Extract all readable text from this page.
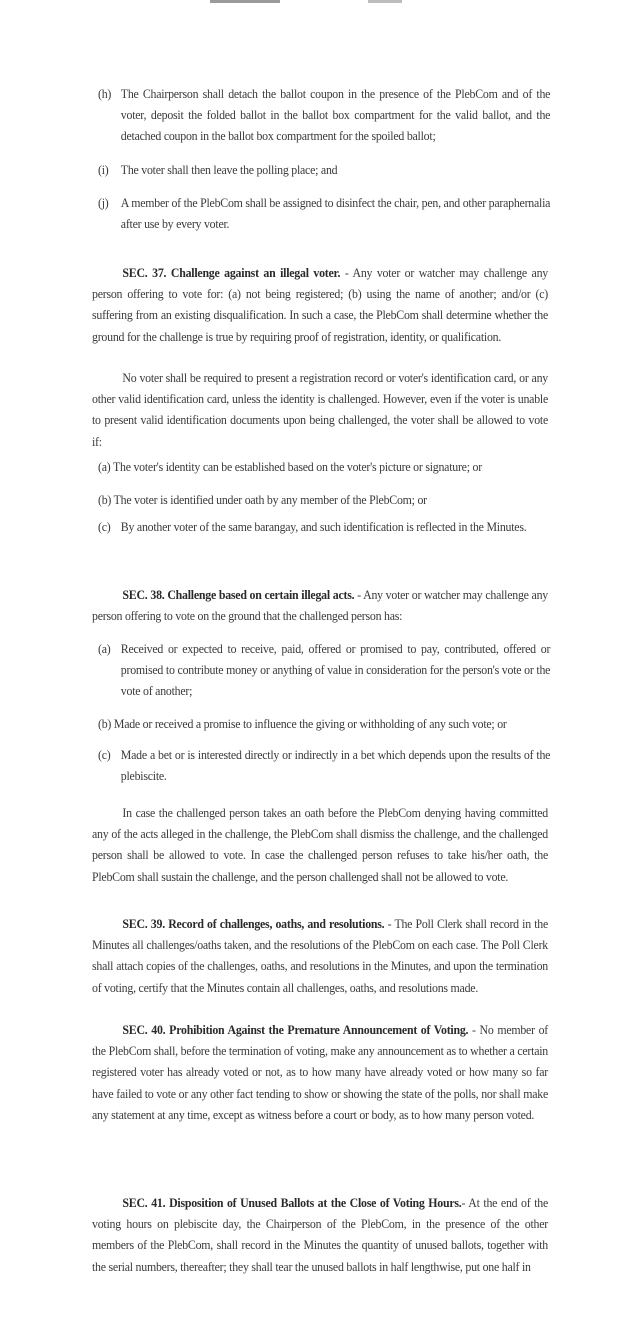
(h) The Chairperson shall detach the ballot coupon in the presence of the PlebCom and of the voter, deposit the folded ballot in the ballot box compartment for the valid ballot, and the detached coupon in the ballot box compartment for the spoiled ballot;
(i) The voter shall then leave the polling place; and
(j) A member of the PlebCom shall be assigned to disinfect the chair, pen, and other paraphernalia after use by every voter.
SEC. 37. Challenge against an illegal voter. - Any voter or watcher may challenge any person offering to vote for: (a) not being registered; (b) using the name of another; and/or (c) suffering from an existing disqualification. In such a case, the PlebCom shall determine whether the ground for the challenge is true by requiring proof of registration, identity, or qualification.
No voter shall be required to present a registration record or voter's identification card, or any other valid identification card, unless the identity is challenged. However, even if the voter is unable to present valid identification documents upon being challenged, the voter shall be allowed to vote if:
(a) The voter's identity can be established based on the voter's picture or signature; or
(b) The voter is identified under oath by any member of the PlebCom; or
(c) By another voter of the same barangay, and such identification is reflected in the Minutes.
SEC. 38. Challenge based on certain illegal acts. - Any voter or watcher may challenge any person offering to vote on the ground that the challenged person has:
(a) Received or expected to receive, paid, offered or promised to pay, contributed, offered or promised to contribute money or anything of value in consideration for the person's vote or the vote of another;
(b) Made or received a promise to influence the giving or withholding of any such vote; or
(c) Made a bet or is interested directly or indirectly in a bet which depends upon the results of the plebiscite.
In case the challenged person takes an oath before the PlebCom denying having committed any of the acts alleged in the challenge, the PlebCom shall dismiss the challenge, and the challenged person shall be allowed to vote. In case the challenged person refuses to take his/her oath, the PlebCom shall sustain the challenge, and the person challenged shall not be allowed to vote.
SEC. 39. Record of challenges, oaths, and resolutions. - The Poll Clerk shall record in the Minutes all challenges/oaths taken, and the resolutions of the PlebCom on each case. The Poll Clerk shall attach copies of the challenges, oaths, and resolutions in the Minutes, and upon the termination of voting, certify that the Minutes contain all challenges, oaths, and resolutions made.
SEC. 40. Prohibition Against the Premature Announcement of Voting. - No member of the PlebCom shall, before the termination of voting, make any announcement as to whether a certain registered voter has already voted or not, as to how many have already voted or how many so far have failed to vote or any other fact tending to show or showing the state of the polls, nor shall make any statement at any time, except as witness before a court or body, as to how many person voted.
SEC. 41. Disposition of Unused Ballots at the Close of Voting Hours.- At the end of the voting hours on plebiscite day, the Chairperson of the PlebCom, in the presence of the other members of the PlebCom, shall record in the Minutes the quantity of unused ballots, together with the serial numbers, thereafter; they shall tear the unused ballots in half lengthwise, put one half in
